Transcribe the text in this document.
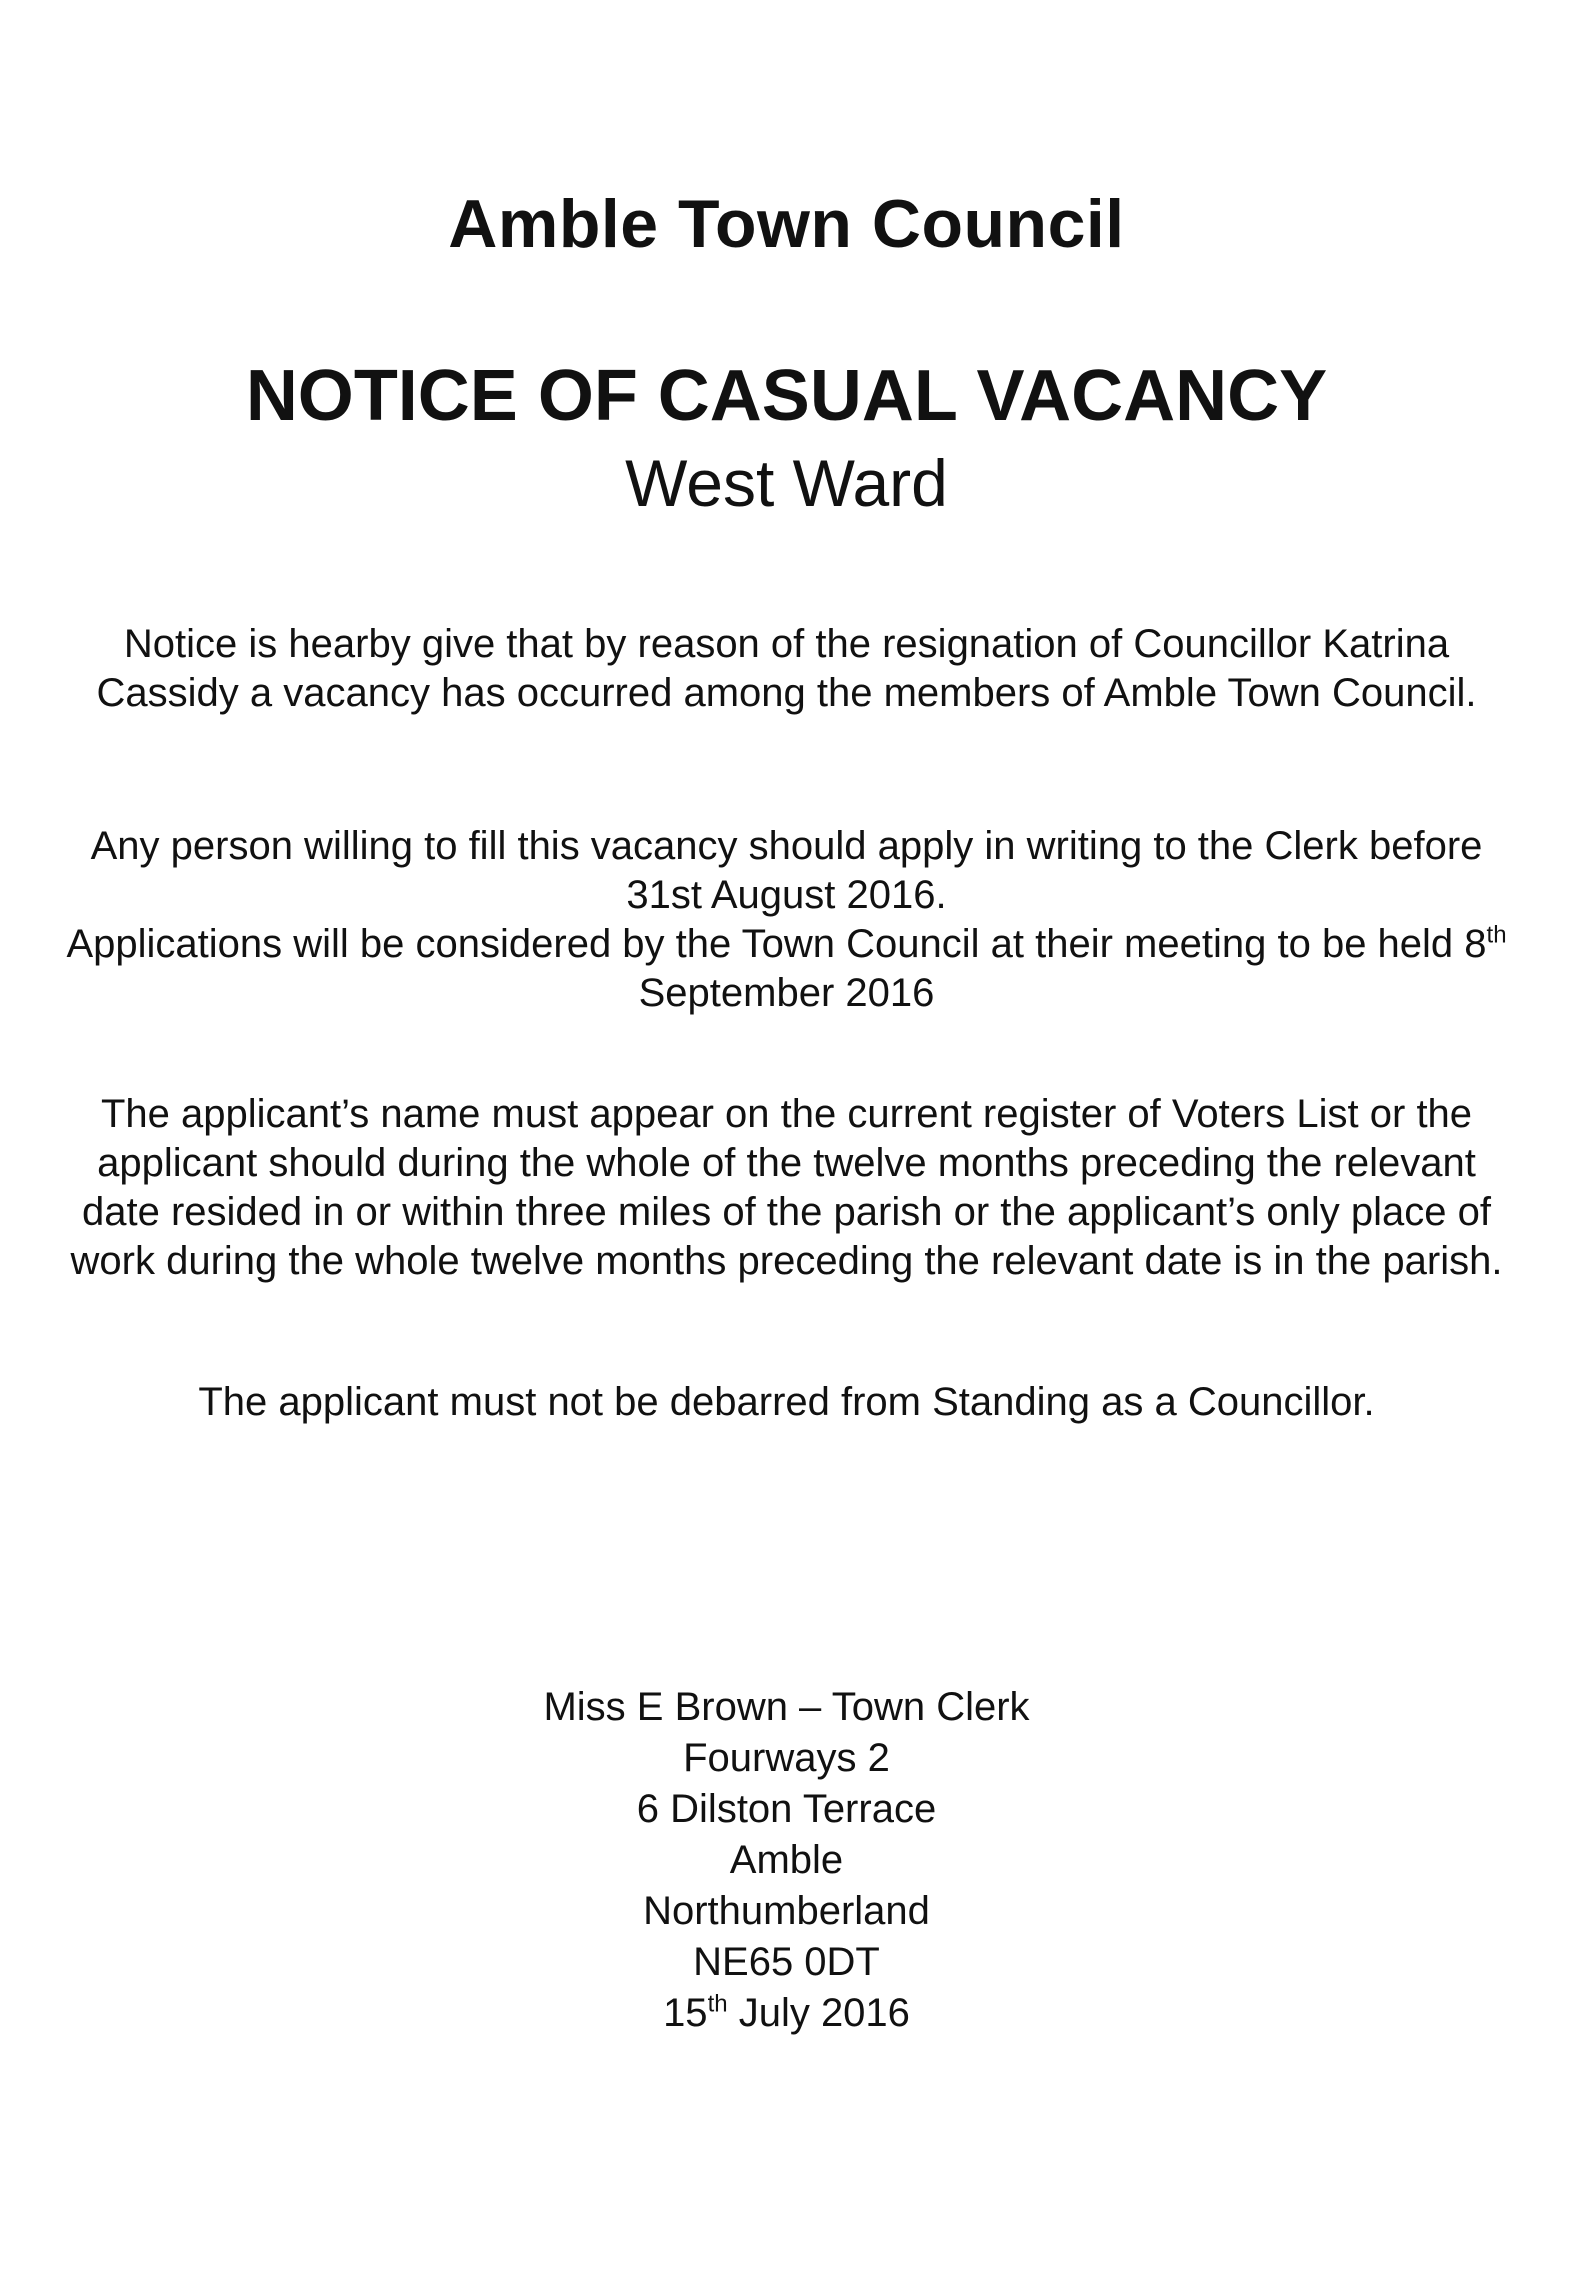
Amble Town Council
NOTICE OF CASUAL VACANCY
West Ward
Notice is hearby give that by reason of the resignation of Councillor Katrina Cassidy a vacancy has occurred among the members of Amble Town Council.
Any person willing to fill this vacancy should apply in writing to the Clerk before 31st August 2016.
Applications will be considered by the Town Council at their meeting to be held 8th September 2016
The applicant’s name must appear on the current register of Voters List or the applicant should during the whole of the twelve months preceding the relevant date resided in or within three miles of the parish or the applicant’s only place of work during the whole twelve months preceding the relevant date is in the parish.
The applicant must not be debarred from Standing as a Councillor.
Miss E Brown – Town Clerk
Fourways 2
6 Dilston Terrace
Amble
Northumberland
NE65 0DT
15th July 2016
